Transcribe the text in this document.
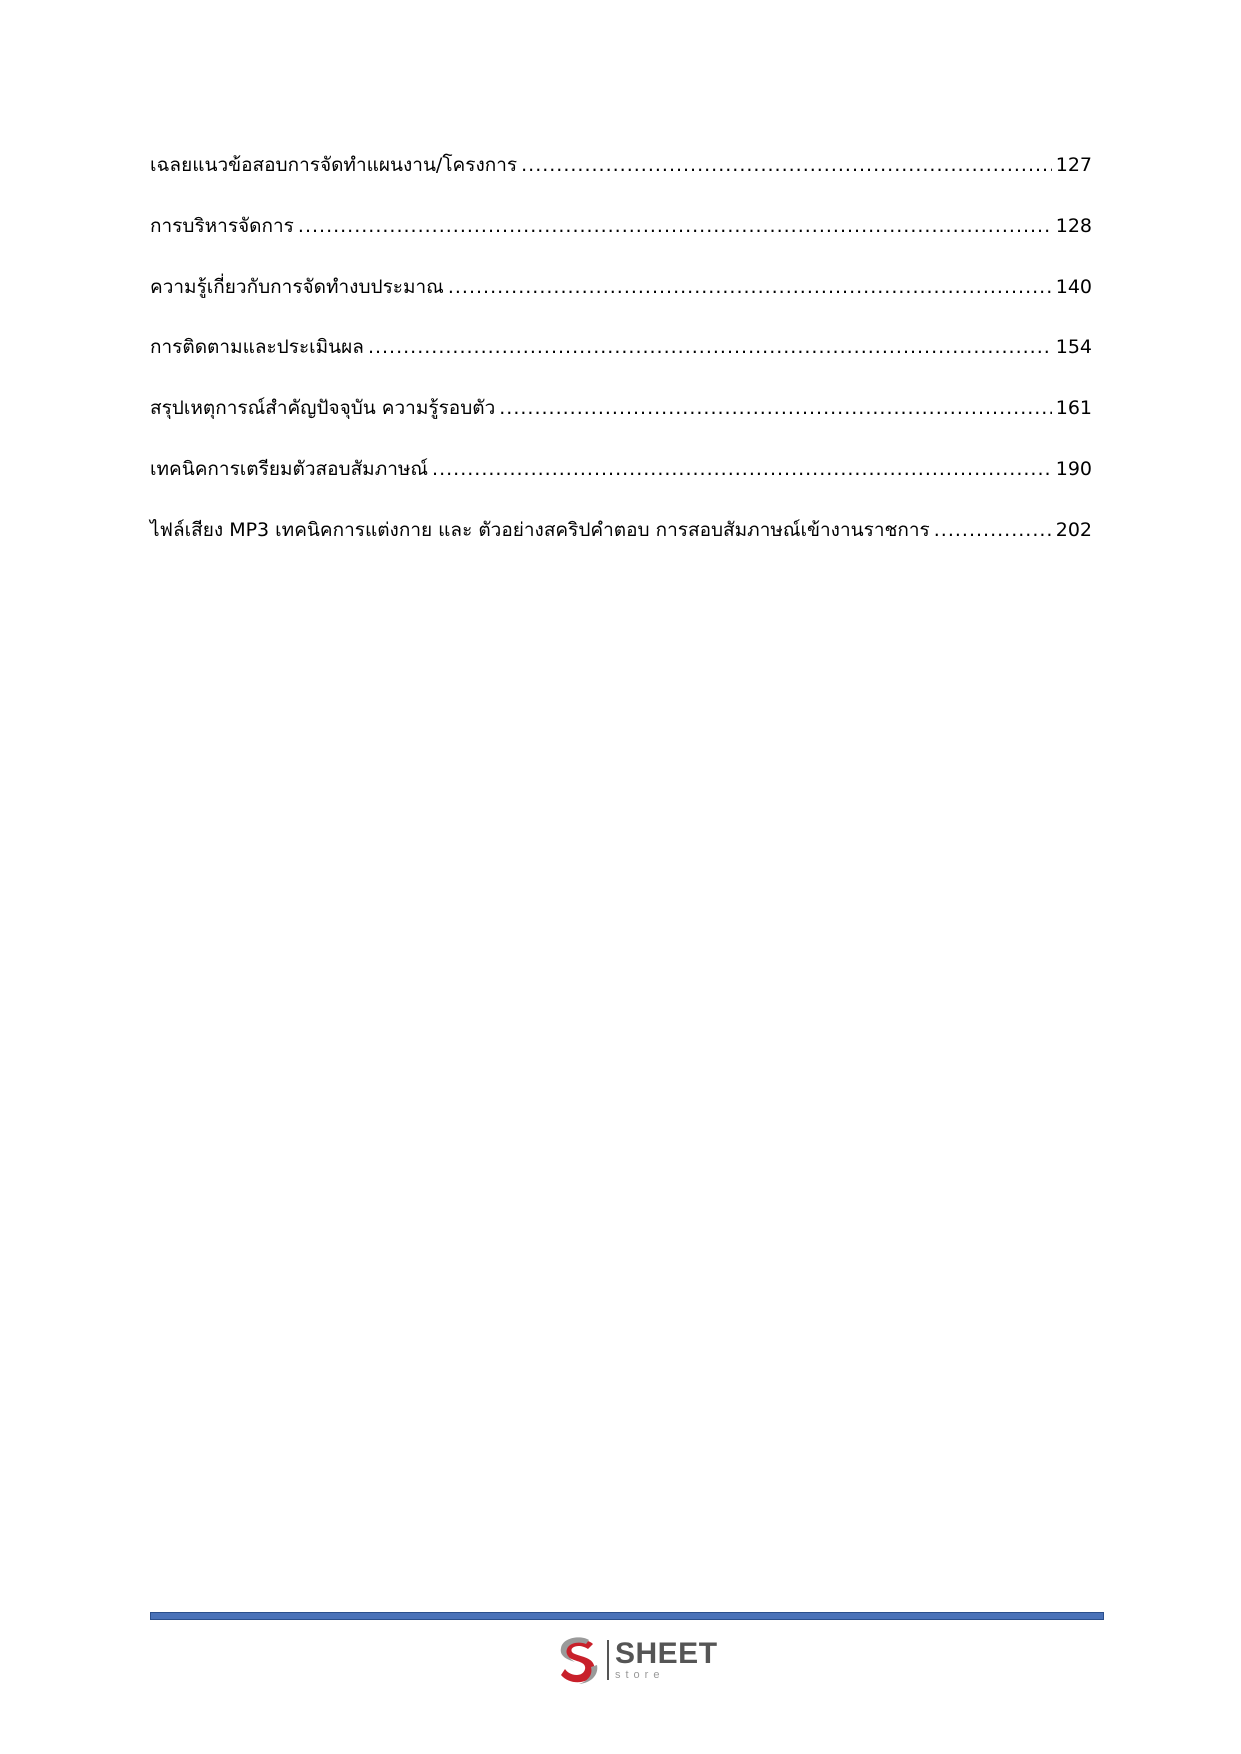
เฉลยแนวข้อสอบการจัดทำแผนงาน/โครงการ .....	127
การบริหารจัดการ .....	128
ความรู้เกี่ยวกับการจัดทำงบประมาณ .....	140
การติดตามและประเมินผล .....	154
สรุปเหตุการณ์สำคัญปัจจุบัน ความรู้รอบตัว .....	161
เทคนิคการเตรียมตัวสอบสัมภาษณ์ .....	190
ไฟล์เสียง MP3 เทคนิคการแต่งกาย และ ตัวอย่างสคริปคำตอบ การสอบสัมภาษณ์เข้างานราชการ .....	202
SHEET
store
